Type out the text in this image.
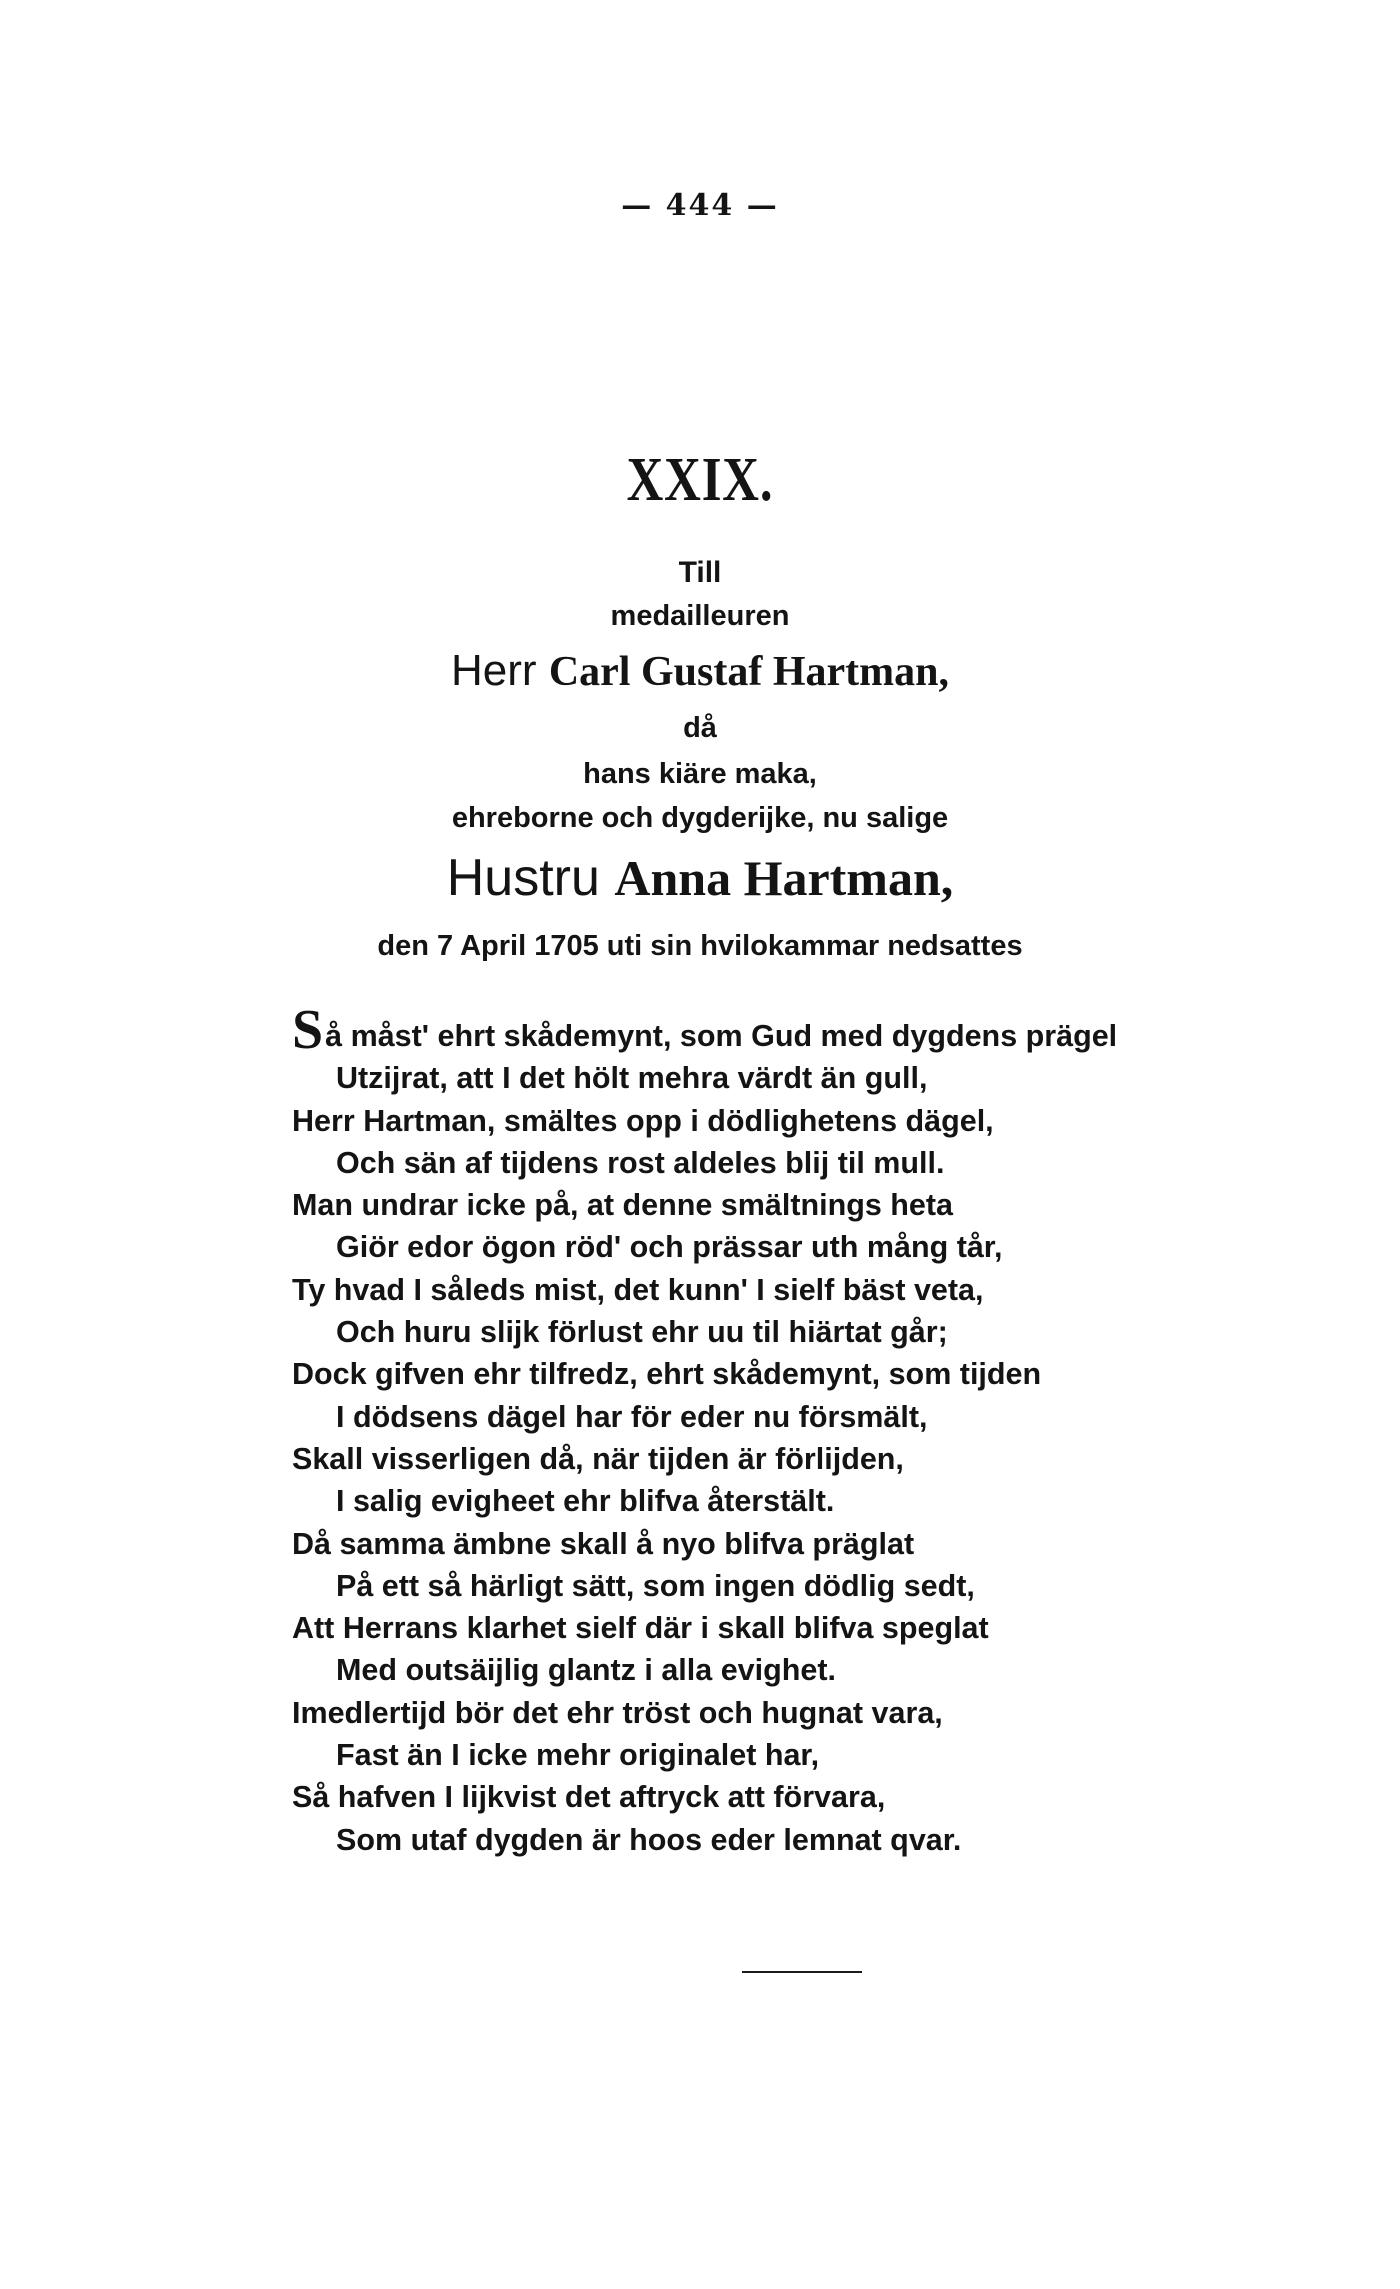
— 444 —
XXIX.
Till
medailleuren
Herr Carl Gustaf Hartman,
då
hans kiäre maka,
ehreborne och dygderijke, nu salige
Hustru Anna Hartman,
den 7 April 1705 uti sin hvilokammar nedsattes
Så måst' ehrt skådemynt, som Gud med dygdens prägel
Utzijrat, att I det hölt mehra värdt än gull,
Herr Hartman, smältes opp i dödlighetens dägel,
Och sän af tijdens rost aldeles blij til mull.
Man undrar icke på, at denne smältnings heta
Giör edor ögon röd' och prässar uth mång tår,
Ty hvad I såleds mist, det kunn' I sielf bäst veta,
Och huru slijk förlust ehr uu til hiärtat går;
Dock gifven ehr tilfredz, ehrt skådemynt, som tijden
I dödsens dägel har för eder nu försmält,
Skall visserligen då, när tijden är förlijden,
I salig evigheet ehr blifva återstält.
Då samma ämbne skall å nyo blifva präglat
På ett så härligt sätt, som ingen dödlig sedt,
Att Herrans klarhet sielf där i skall blifva speglat
Med outsäijlig glantz i alla evighet.
Imedlertijd bör det ehr tröst och hugnat vara,
Fast än I icke mehr originalet har,
Så hafven I lijkvist det aftryck att förvara,
Som utaf dygden är hoos eder lemnat qvar.
